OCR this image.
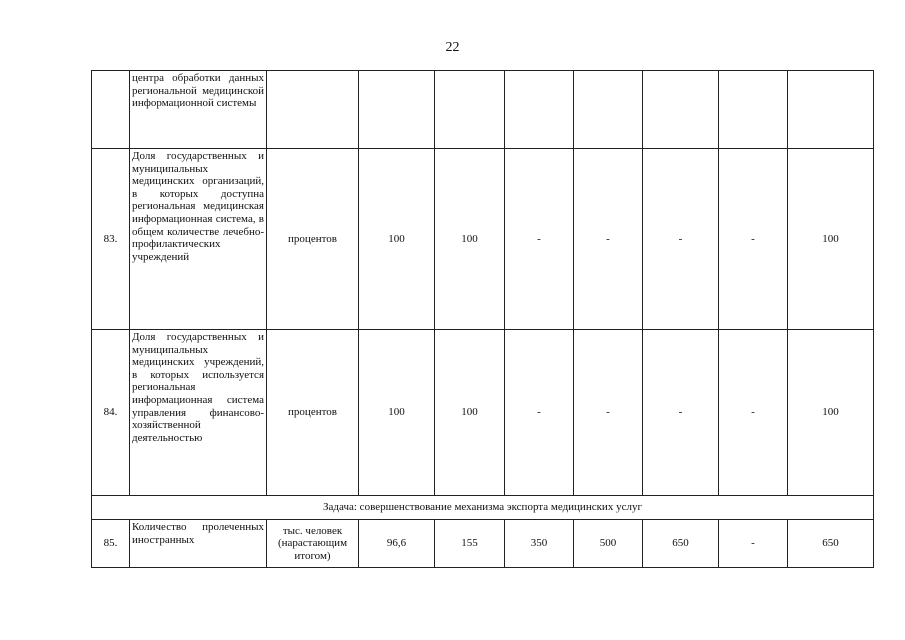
22
	центра обработки данных региональной медицинской информационной системы								
83.	Доля государственных и муниципальных медицинских организаций, в которых доступна региональная медицинская информационная система, в общем количестве лечебно-профилактических учреждений	процентов	100	100	-	-	-	-	100
84.	Доля государственных и муниципальных медицинских учреждений, в которых используется региональная информационная система управления финансово-хозяйственной деятельностью	процентов	100	100	-	-	-	-	100
Задача: совершенствование механизма экспорта медицинских услуг									
85.	Количество пролеченных иностранных	тыс. человек (нарастающим итогом)	96,6	155	350	500	650	-	650
